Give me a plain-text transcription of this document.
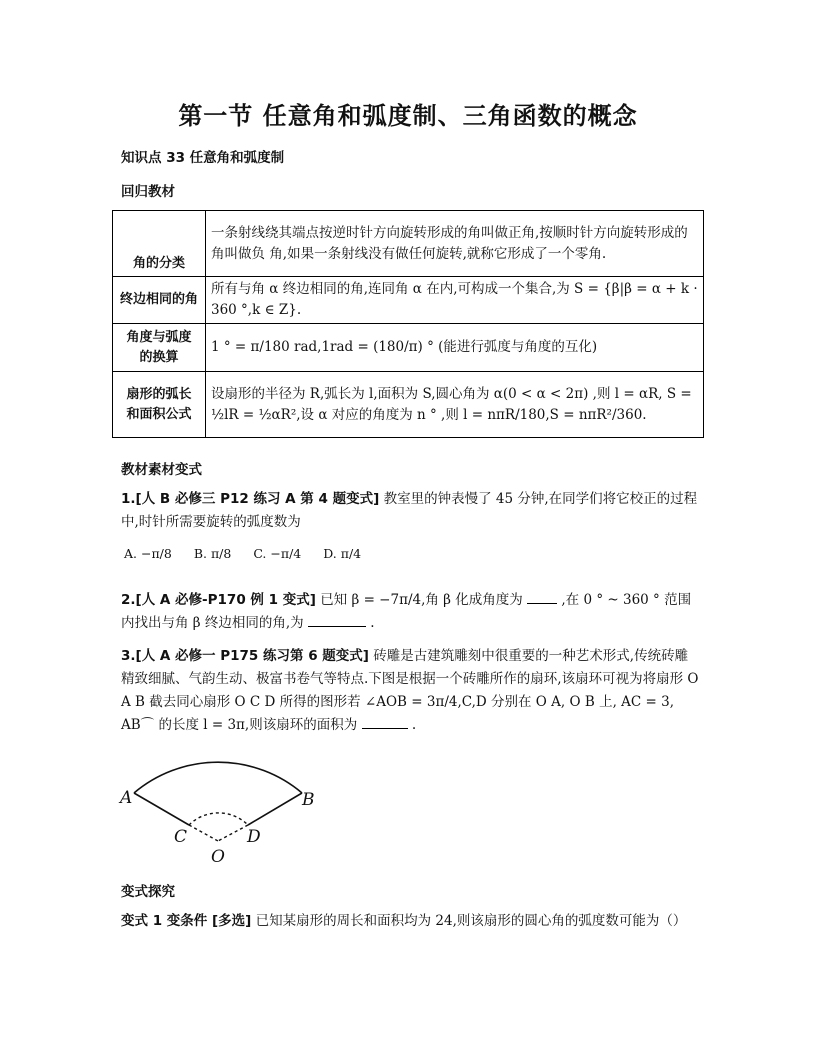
第一节 任意角和弧度制、三角函数的概念
知识点 33 任意角和弧度制
回归教材
角的分类	一条射线绕其端点按逆时针方向旋转形成的角叫做正角,按顺时针方向旋转形成的角叫做负 角,如果一条射线没有做任何旋转,就称它形成了一个零角.
终边相同的角	所有与角 α 终边相同的角,连同角 α 在内,可构成一个集合,为 S = {β|β = α + k · 360 °,k ∈ Z}.
角度与弧度 的换算	1 ° = π/180 rad,1rad = (180/π) ° (能进行弧度与角度的互化)
扇形的弧长 和面积公式	设扇形的半径为 R,弧长为 l,面积为 S,圆心角为 α(0 < α < 2π) ,则 l = αR, S = ½lR = ½αR²,设 α 对应的角度为 n ° ,则 l = nπR/180,S = nπR²/360.
教材素材变式
1.[人 B 必修三 P12 练习 A 第 4 题变式] 教室里的钟表慢了 45 分钟,在同学们将它校正的过程中,时针所需要旋转的弧度数为
A. −π/8 B. π/8 C. −π/4 D. π/4
2.[人 A 必修-P170 例 1 变式] 已知 β = −7π/4,角 β 化成角度为	,在 0 ° ~ 360 ° 范围内找出与角 β 终边相同的角,为	.
3.[人 A 必修一 P175 练习第 6 题变式] 砖雕是古建筑雕刻中很重要的一种艺术形式,传统砖雕精致细腻、气韵生动、极富书卷气等特点.下图是根据一个砖雕所作的扇环,该扇环可视为将扇形 O A B 截去同心扇形 O C D 所得的图形若 ∠AOB = 3π/4,C,D 分别在 O A, O B 上, AC = 3, AB⌒ 的长度 l = 3π,则该扇环的面积为	.
A	B
C	D
O
变式探究
变式 1 变条件 [多选] 已知某扇形的周长和面积均为 24,则该扇形的圆心角的弧度数可能为（）
